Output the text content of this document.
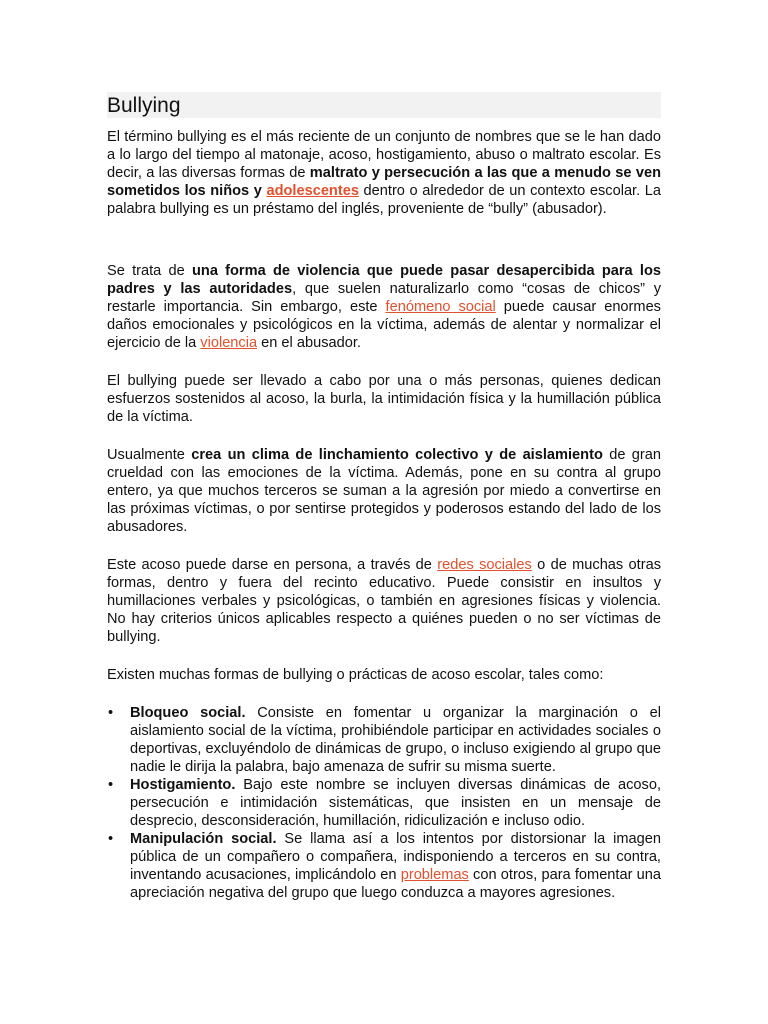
Bullying

El término bullying es el más reciente de un conjunto de nombres que se le han dado a lo largo del tiempo al matonaje, acoso, hostigamiento, abuso o maltrato escolar. Es decir, a las diversas formas de maltrato y persecución a las que a menudo se ven sometidos los niños y adolescentes dentro o alrededor de un contexto escolar. La palabra bullying es un préstamo del inglés, proveniente de “bully” (abusador).

Se trata de una forma de violencia que puede pasar desapercibida para los padres y las autoridades, que suelen naturalizarlo como “cosas de chicos” y restarle importancia. Sin embargo, este fenómeno social puede causar enormes daños emocionales y psicológicos en la víctima, además de alentar y normalizar el ejercicio de la violencia en el abusador.

El bullying puede ser llevado a cabo por una o más personas, quienes dedican esfuerzos sostenidos al acoso, la burla, la intimidación física y la humillación pública de la víctima.

Usualmente crea un clima de linchamiento colectivo y de aislamiento de gran crueldad con las emociones de la víctima. Además, pone en su contra al grupo entero, ya que muchos terceros se suman a la agresión por miedo a convertirse en las próximas víctimas, o por sentirse protegidos y poderosos estando del lado de los abusadores.

Este acoso puede darse en persona, a través de redes sociales o de muchas otras formas, dentro y fuera del recinto educativo. Puede consistir en insultos y humillaciones verbales y psicológicas, o también en agresiones físicas y violencia. No hay criterios únicos aplicables respecto a quiénes pueden o no ser víctimas de bullying.

Existen muchas formas de bullying o prácticas de acoso escolar, tales como:

• Bloqueo social. Consiste en fomentar u organizar la marginación o el aislamiento social de la víctima, prohibiéndole participar en actividades sociales o deportivas, excluyéndolo de dinámicas de grupo, o incluso exigiendo al grupo que nadie le dirija la palabra, bajo amenaza de sufrir su misma suerte.
• Hostigamiento. Bajo este nombre se incluyen diversas dinámicas de acoso, persecución e intimidación sistemáticas, que insisten en un mensaje de desprecio, desconsideración, humillación, ridiculización e incluso odio.
• Manipulación social. Se llama así a los intentos por distorsionar la imagen pública de un compañero o compañera, indisponiendo a terceros en su contra, inventando acusaciones, implicándolo en problemas con otros, para fomentar una apreciación negativa del grupo que luego conduzca a mayores agresiones.
